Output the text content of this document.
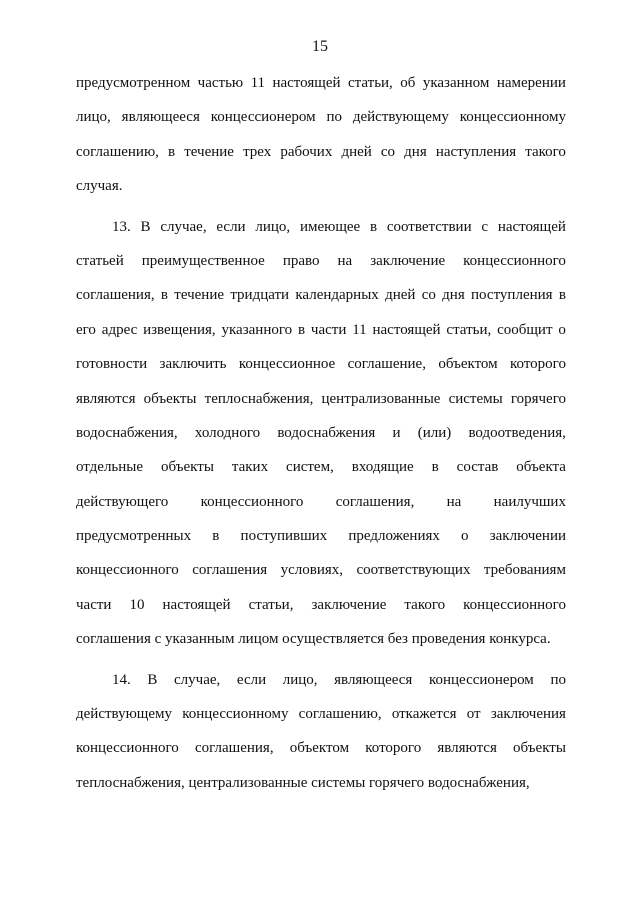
15
предусмотренном частью 11 настоящей статьи, об указанном намерении
лицо, являющееся концессионером по действующему концессионному
соглашению, в течение трех рабочих дней со дня наступления такого
случая.
13. В случае, если лицо, имеющее в соответствии с настоящей
статьей преимущественное право на заключение концессионного
соглашения, в течение тридцати календарных дней со дня поступления в
его адрес извещения, указанного в части 11 настоящей статьи, сообщит о
готовности заключить концессионное соглашение, объектом которого
являются объекты теплоснабжения, централизованные системы горячего
водоснабжения, холодного водоснабжения и (или) водоотведения,
отдельные объекты таких систем, входящие в состав объекта
действующего концессионного соглашения, на наилучших
предусмотренных в поступивших предложениях о заключении
концессионного соглашения условиях, соответствующих требованиям
части 10 настоящей статьи, заключение такого концессионного
соглашения с указанным лицом осуществляется без проведения конкурса.
14. В случае, если лицо, являющееся концессионером по
действующему концессионному соглашению, откажется от заключения
концессионного соглашения, объектом которого являются объекты
теплоснабжения, централизованные системы горячего водоснабжения,
